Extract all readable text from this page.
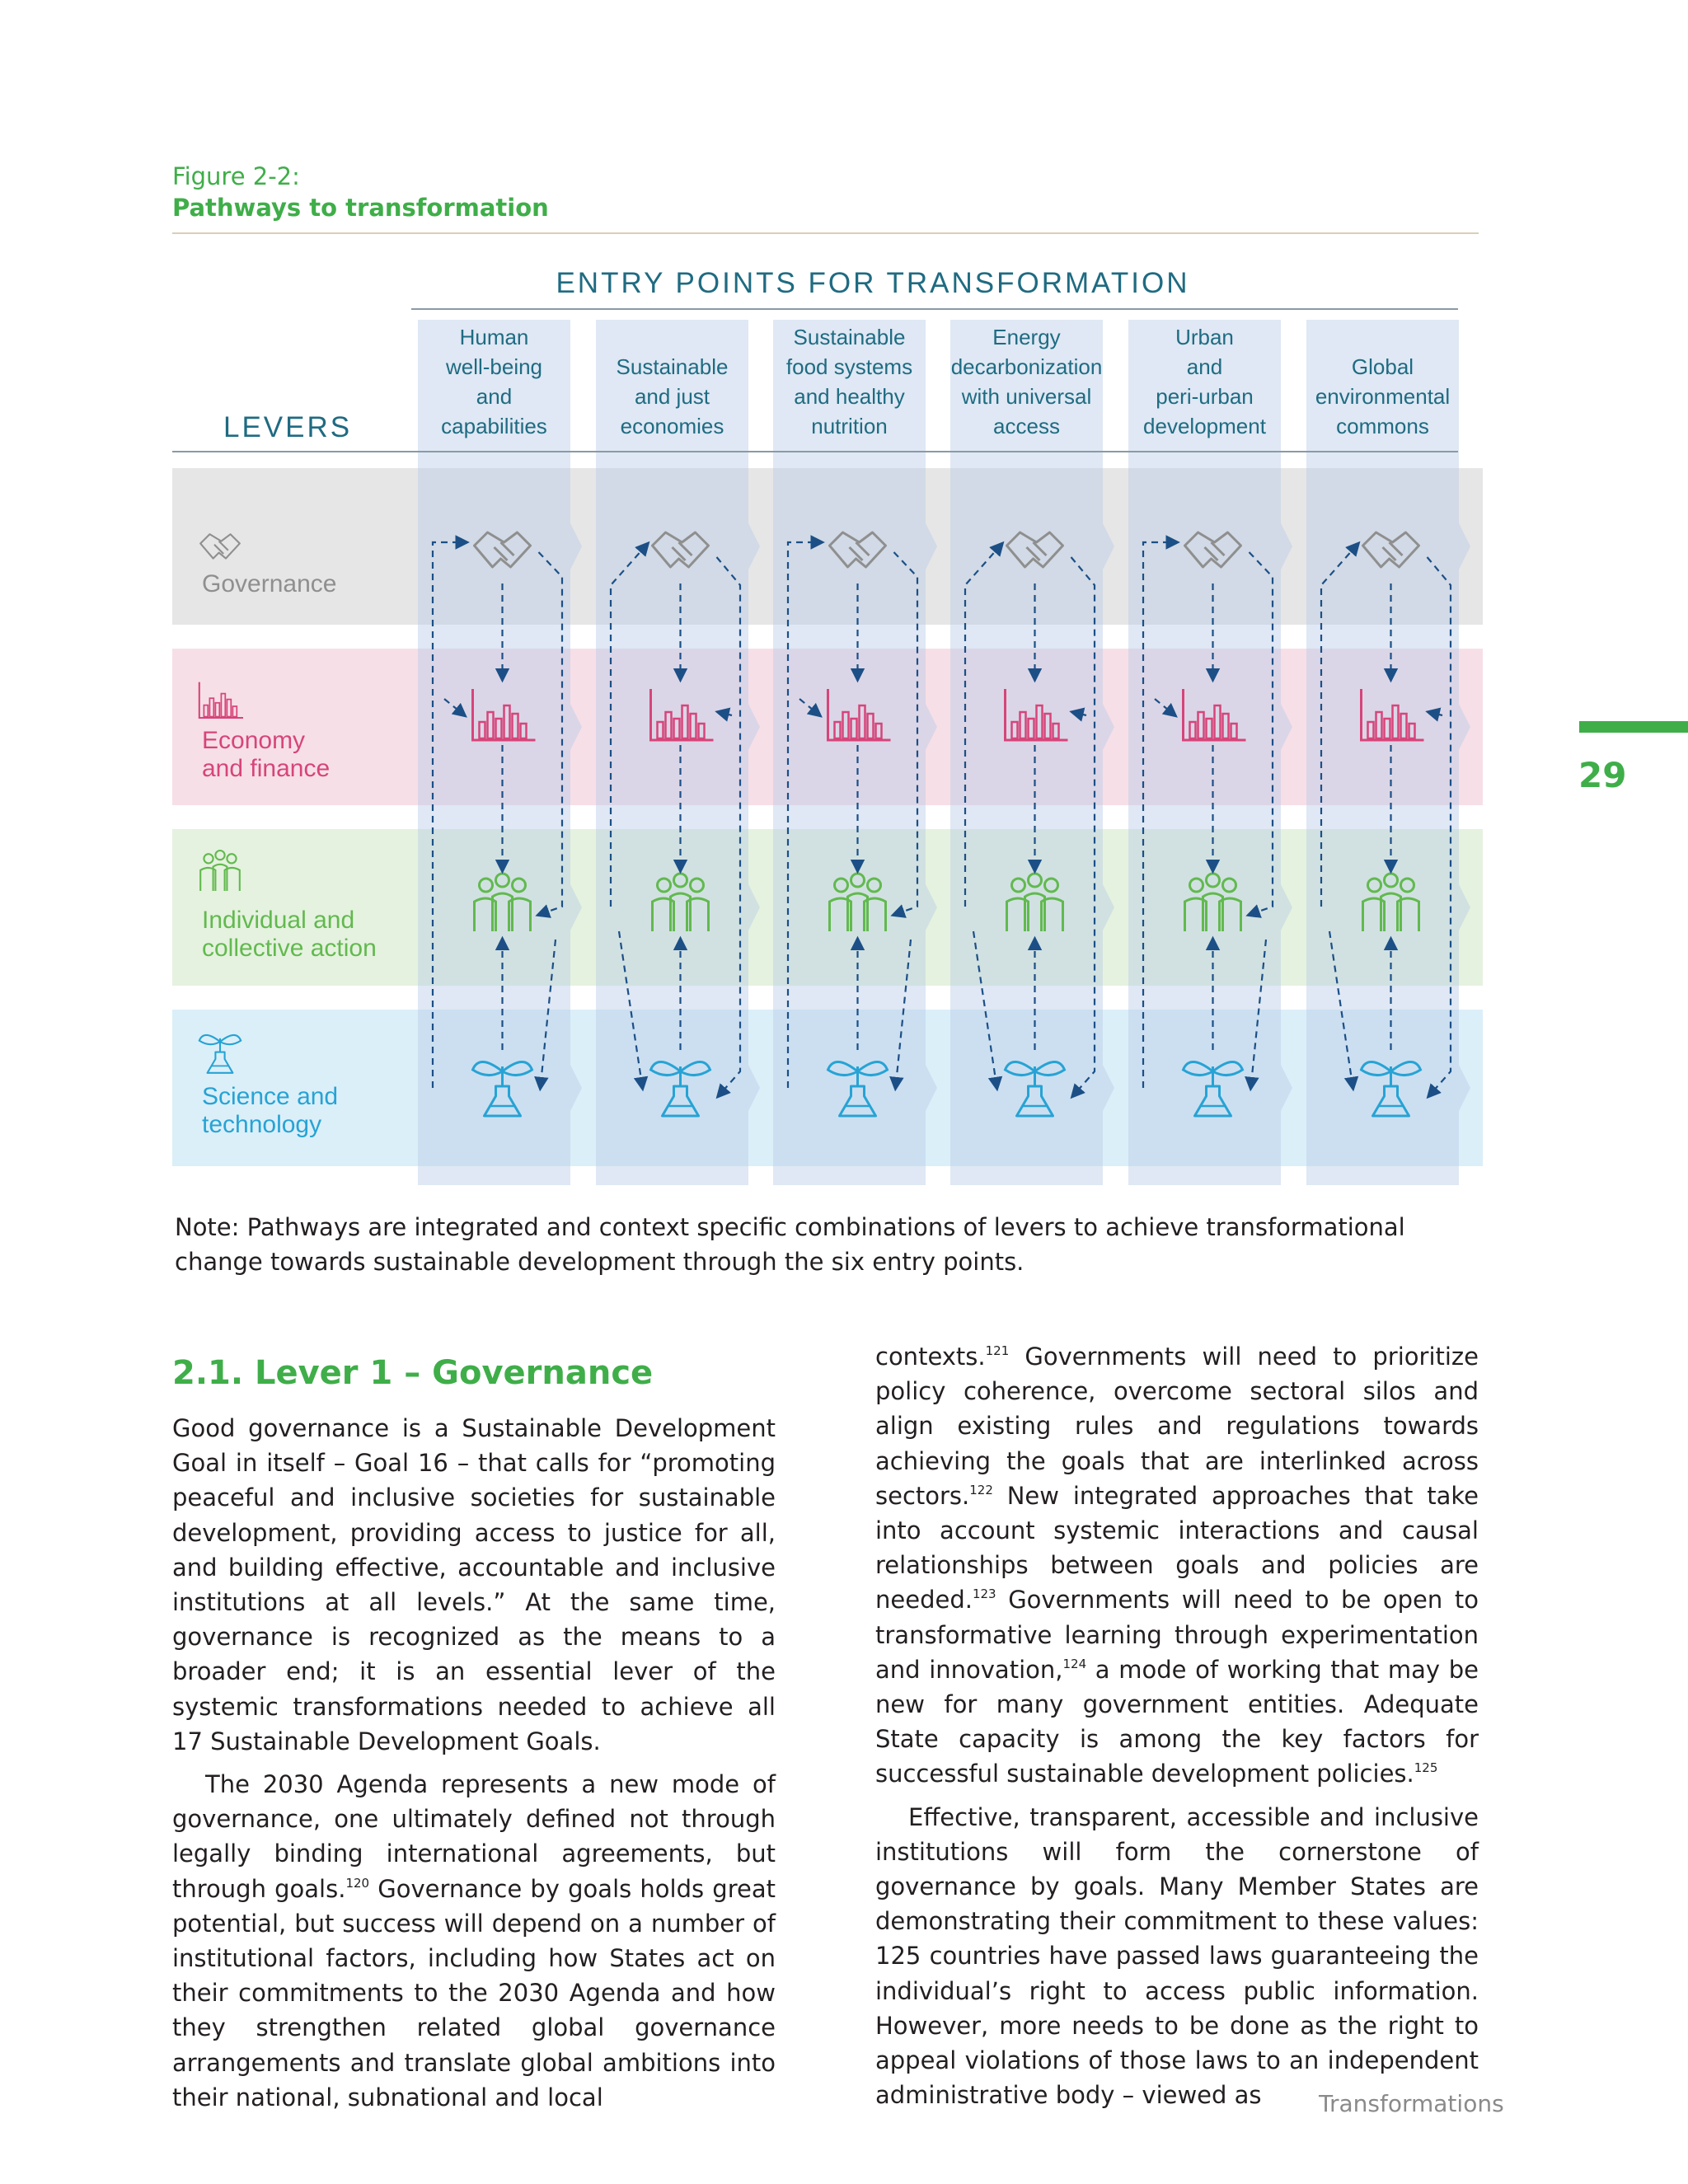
Figure 2-2:
Pathways to transformation
Human well-being and capabilities
Sustainable and just economies
Sustainable food systems and healthy nutrition
Energy decarbonization with universal access
Urban and peri-urban development
Global environmental commons
ENTRY POINTS FOR TRANSFORMATION
LEVERS
Governance
Economy and finance
Individual and collective action
Science and technology
Note: Pathways are integrated and context specific combinations of levers to achieve transformational change towards sustainable development through the six entry points.
2.1. Lever 1 – Governance

Good governance is a Sustainable Development Goal in itself – Goal 16 – that calls for “promoting peaceful and inclusive societies for sustainable development, providing access to justice for all, and building effective, accountable and inclusive institutions at all levels.” At the same time, governance is recognized as the means to a broader end; it is an essential lever of the systemic transformations needed to achieve all 17 Sustainable Development Goals.

The 2030 Agenda represents a new mode of governance, one ultimately defined not through legally binding international agreements, but through goals.$^{120}$ Governance by goals holds great potential, but success will depend on a number of institutional factors, including how States act on their commitments to the 2030 Agenda and how they strengthen related global governance arrangements and translate global ambitions into their national, subnational and local

contexts.$^{121}$ Governments will need to prioritize policy coherence, overcome sectoral silos and align existing rules and regulations towards achieving the goals that are interlinked across sectors.$^{122}$ New integrated approaches that take into account systemic interactions and causal relationships between goals and policies are needed.$^{123}$ Governments will need to be open to transformative learning through experimentation and innovation,$^{124}$ a mode of working that may be new for many government entities. Adequate State capacity is among the key factors for successful sustainable development policies.$^{125}$

Effective, transparent, accessible and inclusive institutions will form the cornerstone of governance by goals. Many Member States are demonstrating their commitment to these values: 125 countries have passed laws guaranteeing the individual’s right to access public information. However, more needs to be done as the right to appeal violations of those laws to an independent administrative body – viewed as

29
Transformations
